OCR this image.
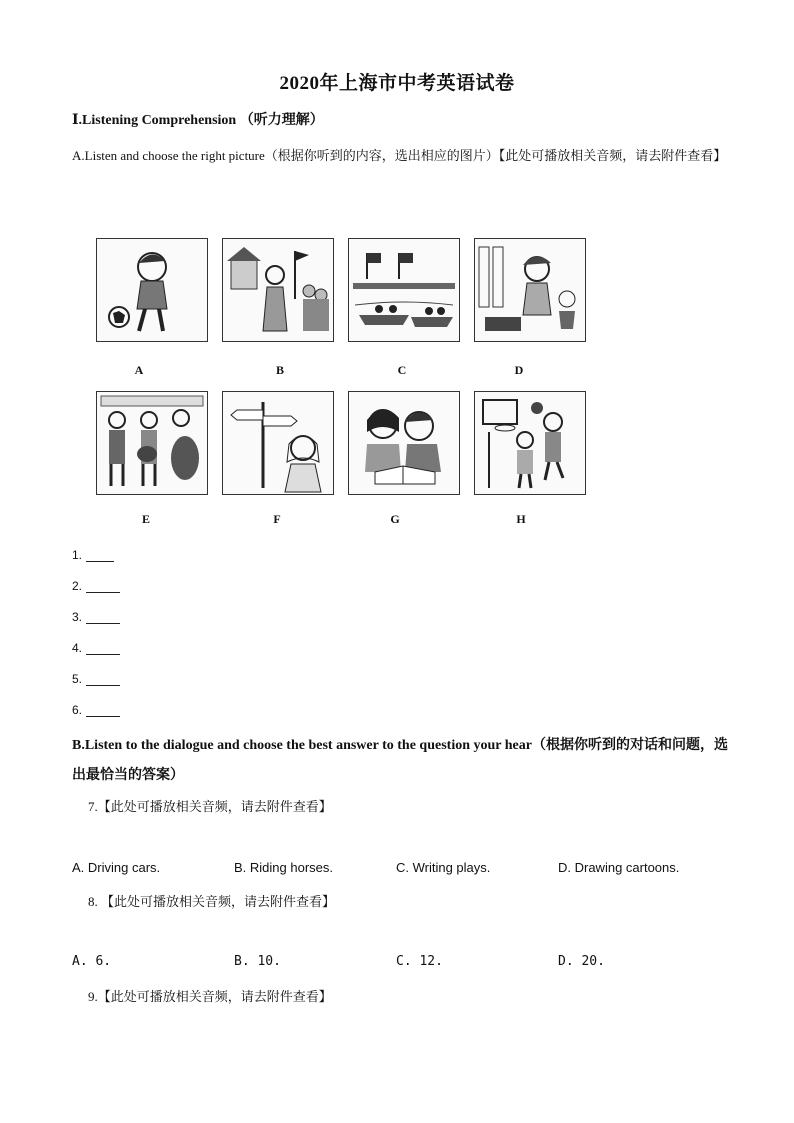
2020年上海市中考英语试卷
Ⅰ.Listening Comprehension （听力理解）
A.Listen and choose the right picture（根据你听到的内容，选出相应的图片）【此处可播放相关音频，请去附件查看】
A	B	C	D
E	F	G	H
1.
2.
3.
4.
5.
6.
B.Listen to the dialogue and choose the best answer to the question your hear（根据你听到的对话和问题，选出最恰当的答案）
7.【此处可播放相关音频，请去附件查看】
A. Driving cars.	B. Riding horses.	C. Writing plays.	D. Drawing cartoons.
8. 【此处可播放相关音频，请去附件查看】
A. 6.	B. 10.	C. 12.	D. 20.
9.【此处可播放相关音频，请去附件查看】
